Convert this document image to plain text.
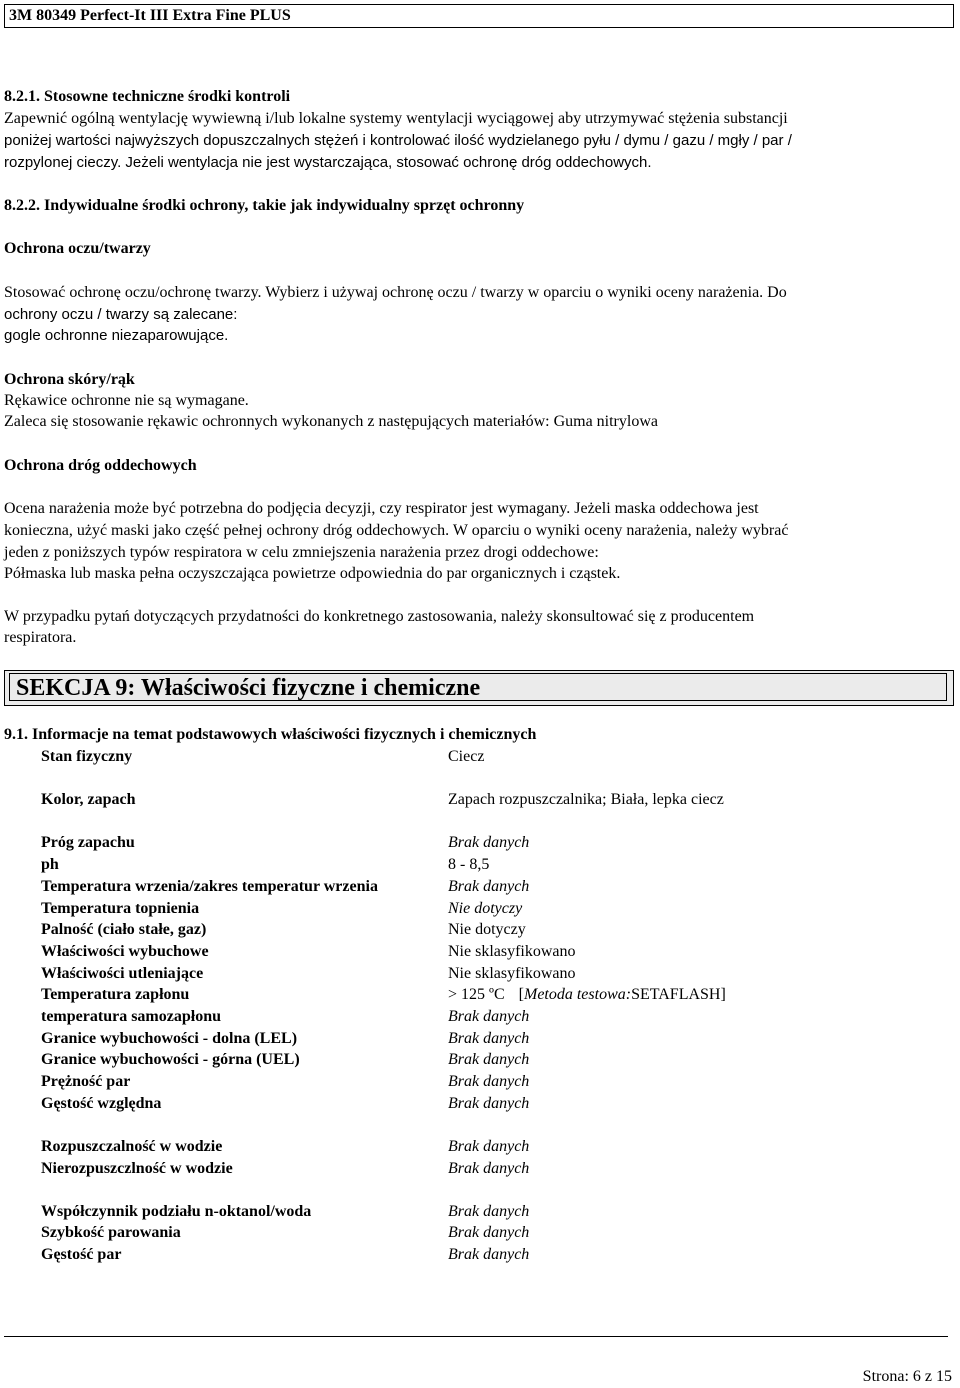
3M 80349 Perfect-It III Extra Fine PLUS
8.2.1. Stosowne techniczne środki kontroli
Zapewnić ogólną wentylację wywiewną i/lub lokalne systemy wentylacji wyciągowej aby utrzymywać stężenia substancji
poniżej wartości najwyższych dopuszczalnych stężeń i kontrolować ilość wydzielanego pyłu / dymu / gazu / mgły / par /
rozpylonej cieczy. Jeżeli wentylacja nie jest wystarczająca, stosować ochronę dróg oddechowych.
8.2.2. Indywidualne środki ochrony, takie jak indywidualny sprzęt ochronny
Ochrona oczu/twarzy
Stosować ochronę oczu/ochronę twarzy. Wybierz i używaj ochronę oczu / twarzy w oparciu o wyniki oceny narażenia. Do
ochrony oczu / twarzy są zalecane:
gogle ochronne niezaparowujące.
Ochrona skóry/rąk
Rękawice ochronne nie są wymagane.
Zaleca się stosowanie rękawic ochronnych wykonanych z następujących materiałów: Guma nitrylowa
Ochrona dróg oddechowych
Ocena narażenia może być potrzebna do podjęcia decyzji, czy respirator jest wymagany. Jeżeli maska oddechowa jest
konieczna, użyć maski jako część pełnej ochrony dróg oddechowych. W oparciu o wyniki oceny narażenia, należy wybrać
jeden z poniższych typów respiratora w celu zmniejszenia narażenia przez drogi oddechowe:
Półmaska lub maska pełna oczyszczająca powietrze odpowiednia do par organicznych i cząstek.
W przypadku pytań dotyczących przydatności do konkretnego zastosowania, należy skonsultować się z producentem
respiratora.
SEKCJA 9: Właściwości fizyczne i chemiczne
9.1. Informacje na temat podstawowych właściwości fizycznych i chemicznych
Stan fizyczny	Ciecz
Kolor, zapach	Zapach rozpuszczalnika; Biała, lepka ciecz
Próg zapachu	Brak danych
ph	8 - 8,5
Temperatura wrzenia/zakres temperatur wrzenia	Brak danych
Temperatura topnienia	Nie dotyczy
Palność (ciało stałe, gaz)	Nie dotyczy
Właściwości wybuchowe	Nie sklasyfikowano
Właściwości utleniające	Nie sklasyfikowano
Temperatura zapłonu	> 125 ºC [Metoda testowa:SETAFLASH]
temperatura samozapłonu	Brak danych
Granice wybuchowości - dolna (LEL)	Brak danych
Granice wybuchowości - górna (UEL)	Brak danych
Prężność par	Brak danych
Gęstość względna	Brak danych
Rozpuszczalność w wodzie	Brak danych
Nierozpuszczlność w wodzie	Brak danych
Współczynnik podziału n-oktanol/woda	Brak danych
Szybkość parowania	Brak danych
Gęstość par	Brak danych
Strona: 6 z 15
